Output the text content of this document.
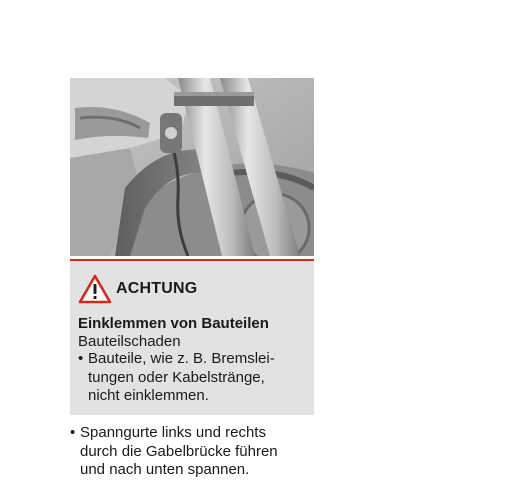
ACHTUNG
Einklemmen von Bauteilen
Bauteilschaden
• Bauteile, wie z. B. Bremslei-
tungen oder Kabelstränge,
nicht einklemmen.
• Spanngurte links und rechts
durch die Gabelbrücke führen
und nach unten spannen.
